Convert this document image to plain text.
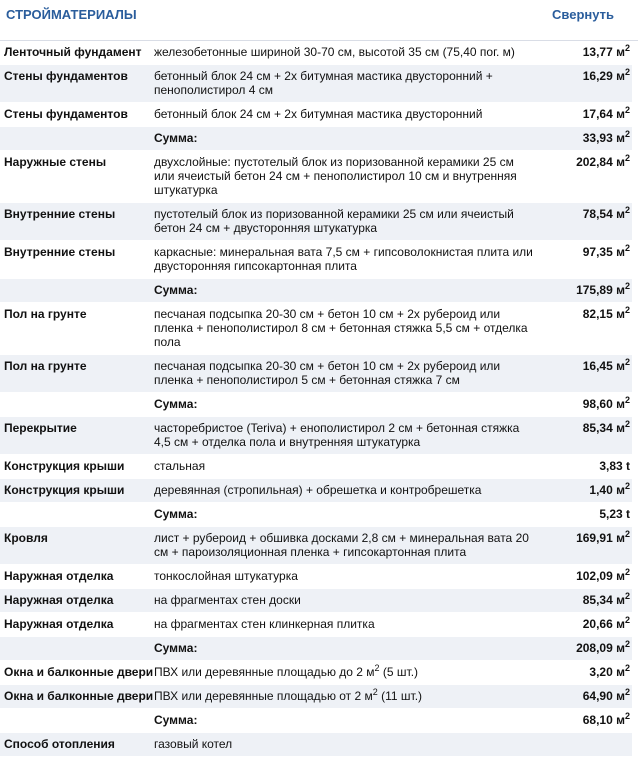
СТРОЙМАТЕРИАЛЫ	Свернуть
Ленточный фундамент	железобетонные шириной 30-70 см, высотой 35 см (75,40 пог. м)	13,77 $м^2$
Стены фундаментов	бетонный блок 24 см + 2х битумная мастика двусторонний + пенополистирол 4 см	16,29 $м^2$
Стены фундаментов	бетонный блок 24 см + 2х битумная мастика двусторонний	17,64 $м^2$
	Сумма:	33,93 $м^2$
Наружные стены	двухслойные: пустотелый блок из поризованной керамики 25 см или ячеистый бетон 24 см + пенополистирол 10 см и внутренняя штукатурка	202,84 $м^2$
Внутренние стены	пустотелый блок из поризованной керамики 25 см или ячеистый бетон 24 см + двусторонняя штукатурка	78,54 $м^2$
Внутренние стены	каркасные: минеральная вата 7,5 см + гипсоволокнистая плита или двусторонняя гипсокартонная плита	97,35 $м^2$
	Сумма:	175,89 $м^2$
Пол на грунте	песчаная подсыпка 20-30 см + бетон 10 см + 2х рубероид или пленка + пенополистирол 8 см + бетонная стяжка 5,5 см + отделка пола	82,15 $м^2$
Пол на грунте	песчаная подсыпка 20-30 см + бетон 10 см + 2х рубероид или пленка + пенополистирол 5 см + бетонная стяжка 7 см	16,45 $м^2$
	Сумма:	98,60 $м^2$
Перекрытие	часторебристое (Teriva) + енополистирол 2 см + бетонная стяжка 4,5 см + отделка пола и внутренняя штукатурка	85,34 $м^2$
Конструкция крыши	стальная	3,83 t
Конструкция крыши	деревянная (стропильная) + обрешетка и контробрешетка	1,40 $м^2$
	Сумма:	5,23 t
Кровля	лист + рубероид + обшивка досками 2,8 см + минеральная вата 20 см + пароизоляционная пленка + гипсокартонная плита	169,91 $м^2$
Наружная отделка	тонкослойная штукатурка	102,09 $м^2$
Наружная отделка	на фрагментах стен доски	85,34 $м^2$
Наружная отделка	на фрагментах стен клинкерная плитка	20,66 $м^2$
	Сумма:	208,09 $м^2$
Окна и балконные двери	ПВХ или деревянные площадью до 2 $м^2$ (5 шт.)	3,20 $м^2$
Окна и балконные двери	ПВХ или деревянные площадью от 2 $м^2$ (11 шт.)	64,90 $м^2$
	Сумма:	68,10 $м^2$
Способ отопления	газовый котел	
